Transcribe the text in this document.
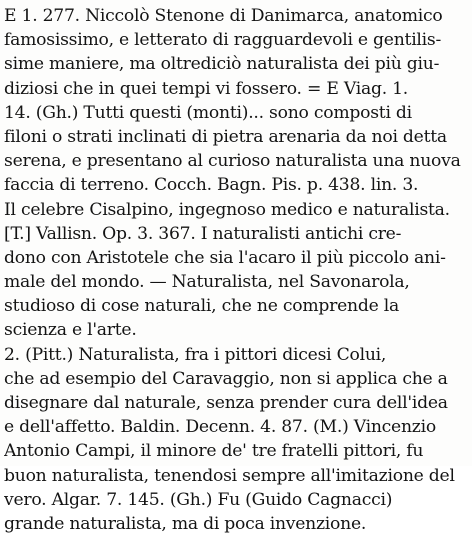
E 1. 277. Niccolò Stenone di Danimarca, anatomico
famosissimo, e letterato di ragguardevoli e gentilis-
sime maniere, ma oltrediciò naturalista dei più giu-
diziosi che in quei tempi vi fossero. = E Viag. 1.
14. (Gh.) Tutti questi (monti)... sono composti di
filoni o strati inclinati di pietra arenaria da noi detta
serena, e presentano al curioso naturalista una nuova
faccia di terreno. Cocch. Bagn. Pis. p. 438. lin. 3.
Il celebre Cisalpino, ingegnoso medico e naturalista.
[T.] Vallisn. Op. 3. 367. I naturalisti antichi cre-
dono con Aristotele che sia l'acaro il più piccolo ani-
male del mondo. — Naturalista, nel Savonarola,
studioso di cose naturali, che ne comprende la
scienza e l'arte.
2. (Pitt.) Naturalista, fra i pittori dicesi Colui,
che ad esempio del Caravaggio, non si applica che a
disegnare dal naturale, senza prender cura dell'idea
e dell'affetto. Baldin. Decenn. 4. 87. (M.) Vincenzio
Antonio Campi, il minore de' tre fratelli pittori, fu
buon naturalista, tenendosi sempre all'imitazione del
vero. Algar. 7. 145. (Gh.) Fu (Guido Cagnacci)
grande naturalista, ma di poca invenzione.
